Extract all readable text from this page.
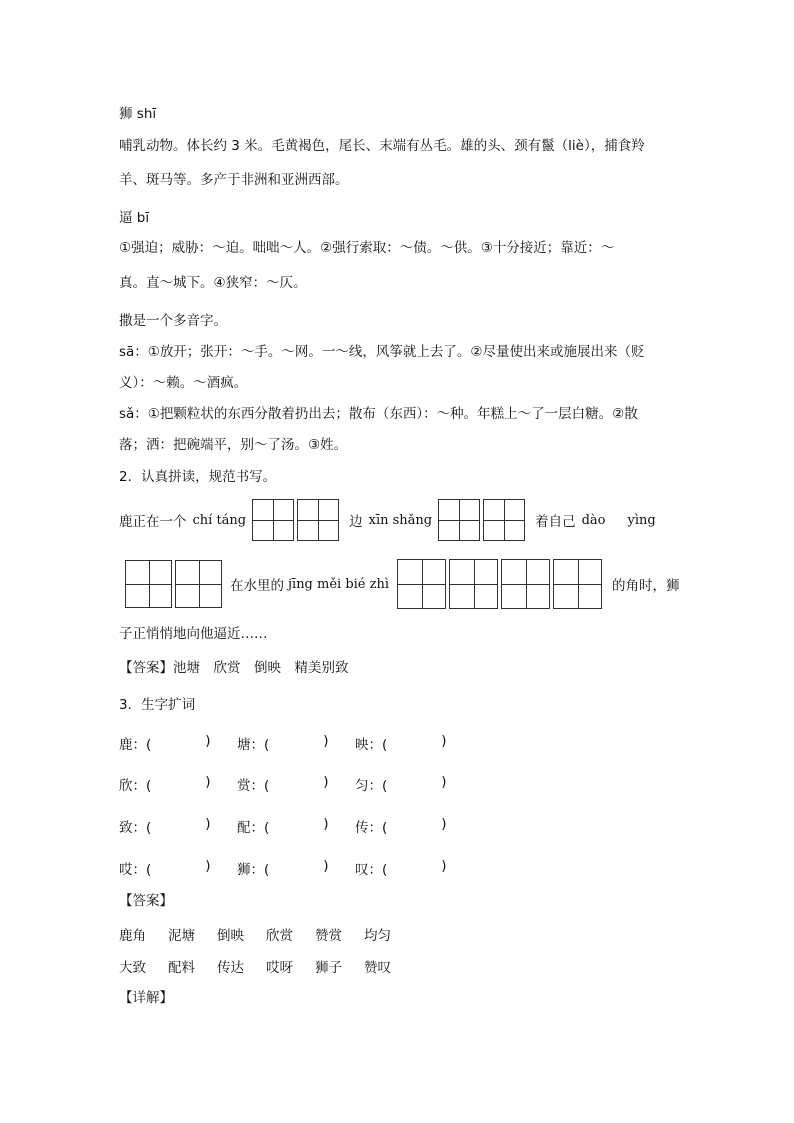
狮 shī
哺乳动物。体长约 3 米。毛黄褐色，尾长、末端有丛毛。雄的头、颈有鬣（liè），捕食羚
羊、斑马等。多产于非洲和亚洲西部。
逼 bī
①强迫；威胁：～迫。咄咄～人。②强行索取：～债。～供。③十分接近；靠近：～
真。直～城下。④狭窄：～仄。
撒是一个多音字。
sā：①放开；张开：～手。～网。一～线，风筝就上去了。②尽量使出来或施展出来（贬
义）：～赖。～酒疯。
sǎ：①把颗粒状的东西分散着扔出去；散布（东西）：～种。年糕上～了一层白糖。②散
落；洒：把碗端平，别～了汤。③姓。
2．认真拼读，规范书写。
鹿正在一个 chí táng	边 xīn shǎng	着自己 dào yìng
在水里的 jīng měi bié zhì	的角时，狮
子正悄悄地向他逼近……
【答案】池塘　欣赏　倒映　精美别致
3．生字扩词
鹿：(	) 塘：(	) 映：(	)
欣：(	) 赏：(	) 匀：(	)
致：(	) 配：(	) 传：(	)
哎：(	) 狮：(	) 叹：(	)
【答案】
鹿角	泥塘	倒映	欣赏	赞赏	均匀
大致	配料	传达	哎呀	狮子	赞叹
【详解】
